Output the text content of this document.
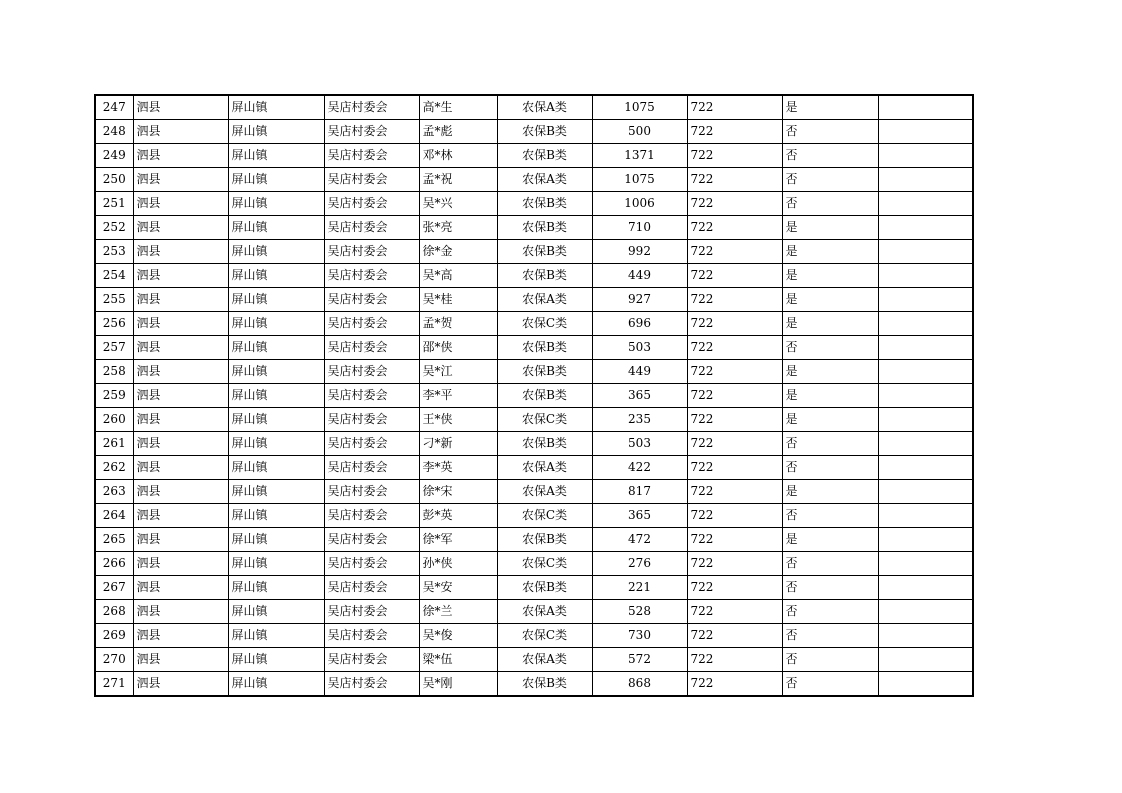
247	泗县	屏山镇	吴店村委会	高*生	农保A类	1075	722	是	
248	泗县	屏山镇	吴店村委会	孟*彪	农保B类	500	722	否	
249	泗县	屏山镇	吴店村委会	邓*林	农保B类	1371	722	否	
250	泗县	屏山镇	吴店村委会	孟*祝	农保A类	1075	722	否	
251	泗县	屏山镇	吴店村委会	吴*兴	农保B类	1006	722	否	
252	泗县	屏山镇	吴店村委会	张*亮	农保B类	710	722	是	
253	泗县	屏山镇	吴店村委会	徐*金	农保B类	992	722	是	
254	泗县	屏山镇	吴店村委会	吴*高	农保B类	449	722	是	
255	泗县	屏山镇	吴店村委会	吴*桂	农保A类	927	722	是	
256	泗县	屏山镇	吴店村委会	孟*贺	农保C类	696	722	是	
257	泗县	屏山镇	吴店村委会	邵*侠	农保B类	503	722	否	
258	泗县	屏山镇	吴店村委会	吴*江	农保B类	449	722	是	
259	泗县	屏山镇	吴店村委会	李*平	农保B类	365	722	是	
260	泗县	屏山镇	吴店村委会	王*侠	农保C类	235	722	是	
261	泗县	屏山镇	吴店村委会	刁*新	农保B类	503	722	否	
262	泗县	屏山镇	吴店村委会	李*英	农保A类	422	722	否	
263	泗县	屏山镇	吴店村委会	徐*宋	农保A类	817	722	是	
264	泗县	屏山镇	吴店村委会	彭*英	农保C类	365	722	否	
265	泗县	屏山镇	吴店村委会	徐*军	农保B类	472	722	是	
266	泗县	屏山镇	吴店村委会	孙*侠	农保C类	276	722	否	
267	泗县	屏山镇	吴店村委会	吴*安	农保B类	221	722	否	
268	泗县	屏山镇	吴店村委会	徐*兰	农保A类	528	722	否	
269	泗县	屏山镇	吴店村委会	吴*俊	农保C类	730	722	否	
270	泗县	屏山镇	吴店村委会	梁*伍	农保A类	572	722	否	
271	泗县	屏山镇	吴店村委会	吴*刚	农保B类	868	722	否	
